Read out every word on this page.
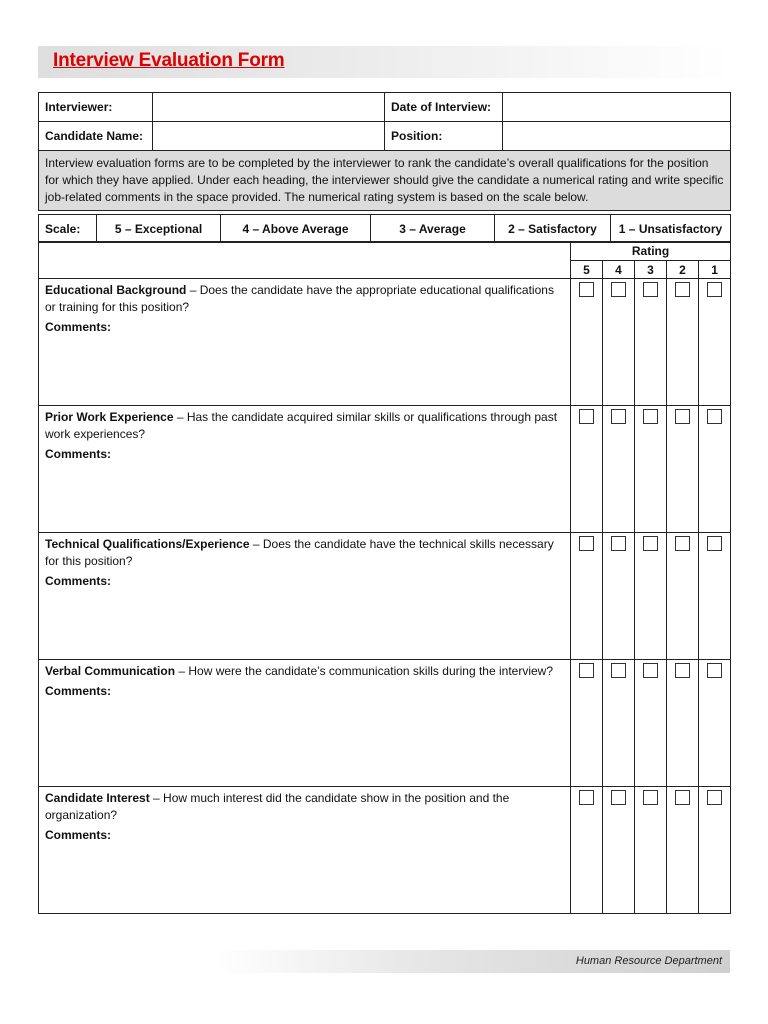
Interview Evaluation Form
Interviewer:		Date of Interview:	
Candidate Name:		Position:	
Interview evaluation forms are to be completed by the interviewer to rank the candidate’s overall qualifications for the position for which they have applied. Under each heading, the interviewer should give the candidate a numerical rating and write specific job-related comments in the space provided. The numerical rating system is based on the scale below.			
Scale:	5 – Exceptional	4 – Above Average	3 – Average	2 – Satisfactory	1 – Unsatisfactory
	Rating				
	5	4	3	2	1
Educational Background – Does the candidate have the appropriate educational qualifications or training for this position?
Comments:					

Prior Work Experience – Has the candidate acquired similar skills or qualifications through past work experiences?
Comments:					

Technical Qualifications/Experience – Does the candidate have the technical skills necessary for this position?
Comments:					

Verbal Communication – How were the candidate’s communication skills during the interview?
Comments:					

Candidate Interest – How much interest did the candidate show in the position and the organization?
Comments:					

Human Resource Department
